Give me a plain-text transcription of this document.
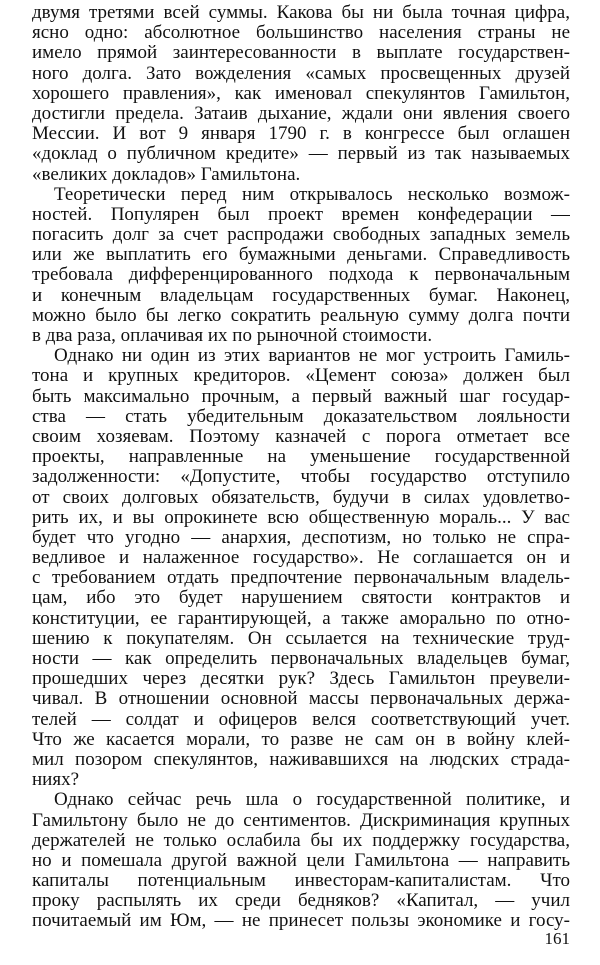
двумя третями всей суммы. Какова бы ни была точная цифра,
ясно одно: абсолютное большинство населения страны не
имело прямой заинтересованности в выплате государствен-
ного долга. Зато вожделения «самых просвещенных друзей
хорошего правления», как именовал спекулянтов Гамильтон,
достигли предела. Затаив дыхание, ждали они явления своего
Мессии. И вот 9 января 1790 г. в конгрессе был оглашен
«доклад о публичном кредите» — первый из так называемых
«великих докладов» Гамильтона.
Теоретически перед ним открывалось несколько возмож-
ностей. Популярен был проект времен конфедерации —
погасить долг за счет распродажи свободных западных земель
или же выплатить его бумажными деньгами. Справедливость
требовала дифференцированного подхода к первоначальным
и конечным владельцам государственных бумаг. Наконец,
можно было бы легко сократить реальную сумму долга почти
в два раза, оплачивая их по рыночной стоимости.
Однако ни один из этих вариантов не мог устроить Гамиль-
тона и крупных кредиторов. «Цемент союза» должен был
быть максимально прочным, а первый важный шаг государ-
ства — стать убедительным доказательством лояльности
своим хозяевам. Поэтому казначей с порога отметает все
проекты, направленные на уменьшение государственной
задолженности: «Допустите, чтобы государство отступило
от своих долговых обязательств, будучи в силах удовлетво-
рить их, и вы опрокинете всю общественную мораль... У вас
будет что угодно — анархия, деспотизм, но только не спра-
ведливое и налаженное государство». Не соглашается он и
с требованием отдать предпочтение первоначальным владель-
цам, ибо это будет нарушением святости контрактов и
конституции, ее гарантирующей, а также аморально по отно-
шению к покупателям. Он ссылается на технические труд-
ности — как определить первоначальных владельцев бумаг,
прошедших через десятки рук? Здесь Гамильтон преувели-
чивал. В отношении основной массы первоначальных держа-
телей — солдат и офицеров велся соответствующий учет.
Что же касается морали, то разве не сам он в войну клей-
мил позором спекулянтов, наживавшихся на людских страда-
ниях?
Однако сейчас речь шла о государственной политике, и
Гамильтону было не до сентиментов. Дискриминация крупных
держателей не только ослабила бы их поддержку государства,
но и помешала другой важной цели Гамильтона — направить
капиталы потенциальным инвесторам-капиталистам. Что
проку распылять их среди бедняков? «Капитал, — учил
почитаемый им Юм, — не принесет пользы экономике и госу-
161
